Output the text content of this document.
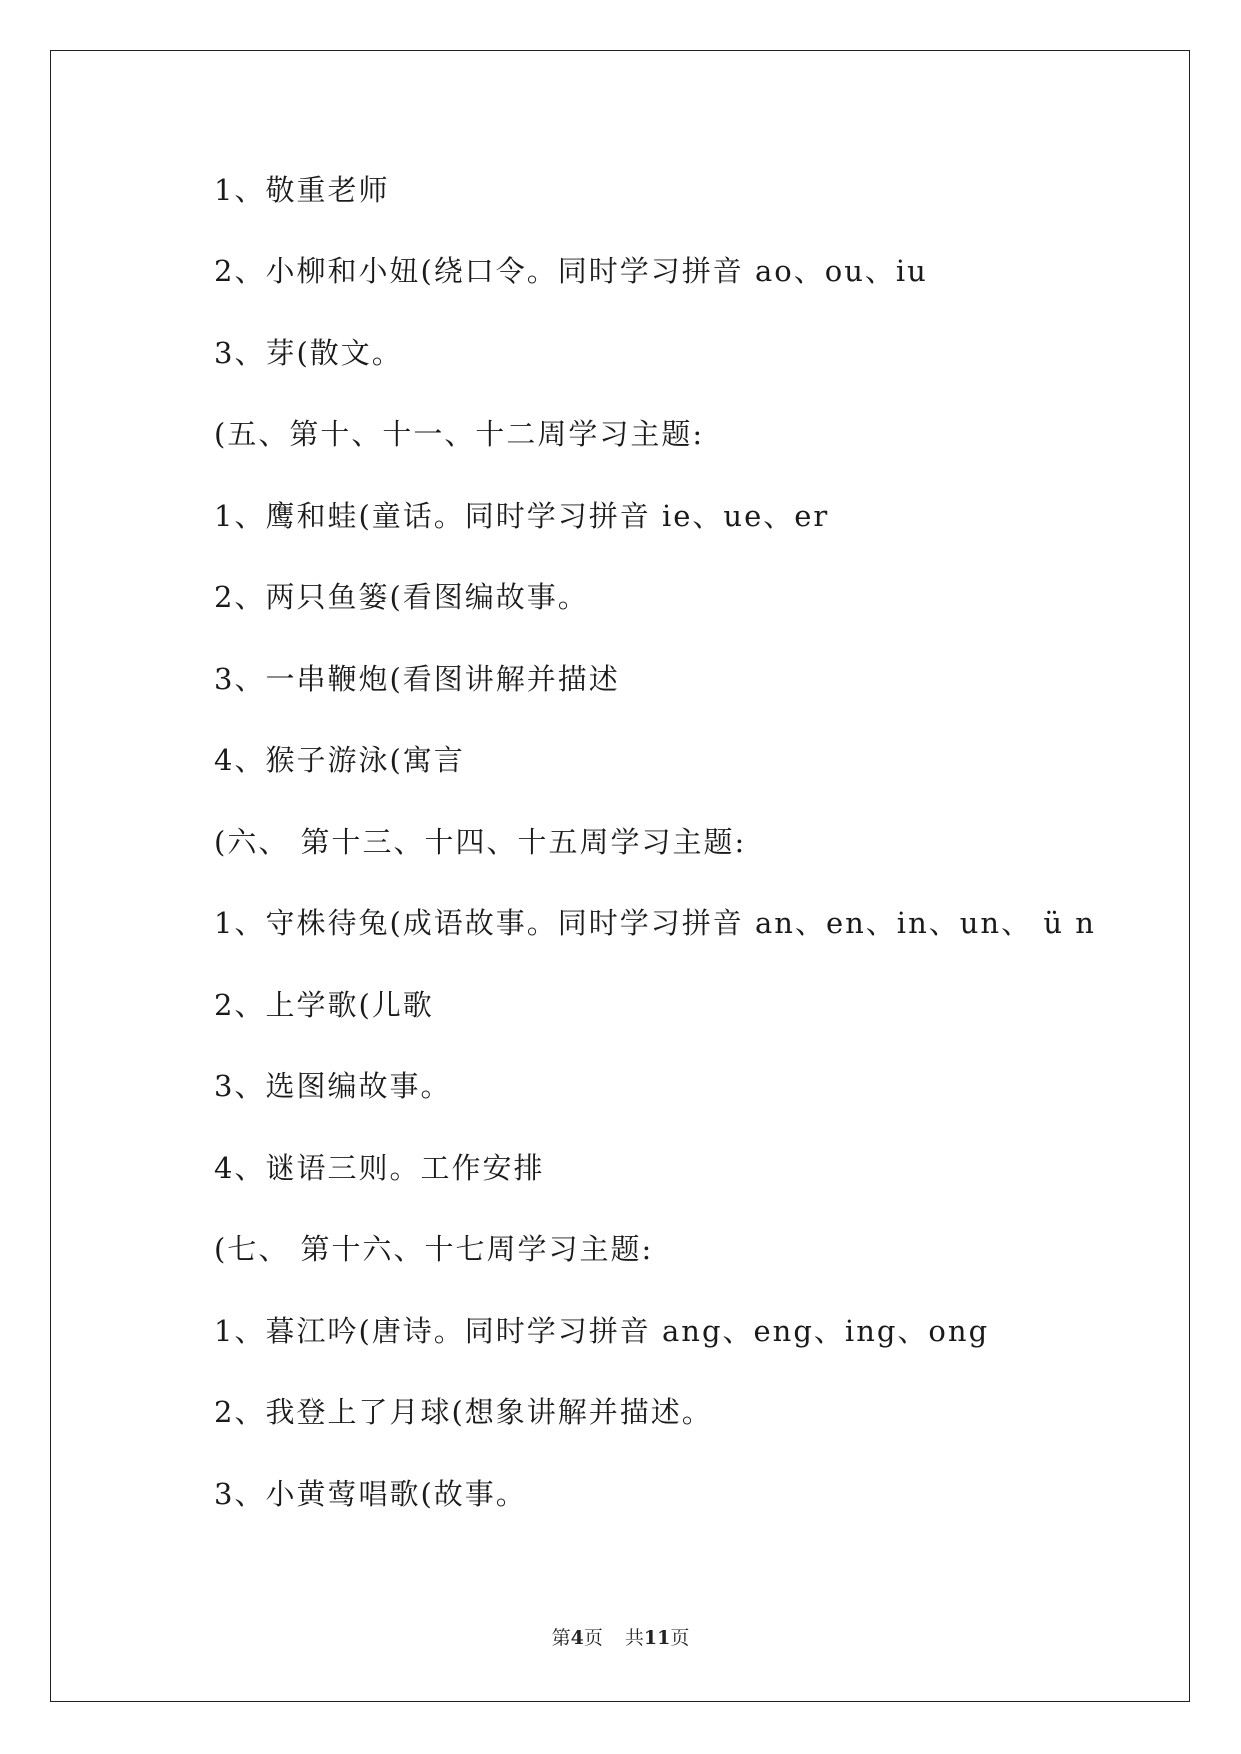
1、敬重老师
2、小柳和小妞(绕口令。同时学习拼音 ao、ou、iu
3、芽(散文。
(五、第十、十一、十二周学习主题:
1、鹰和蛙(童话。同时学习拼音 ie、ue、er
2、两只鱼篓(看图编故事。
3、一串鞭炮(看图讲解并描述
4、猴子游泳(寓言
(六、 第十三、十四、十五周学习主题:
1、守株待兔(成语故事。同时学习拼音 an、en、in、un、 ü n
2、上学歌(儿歌
3、选图编故事。
4、谜语三则。工作安排
(七、 第十六、十七周学习主题:
1、暮江吟(唐诗。同时学习拼音 ang、eng、ing、ong
2、我登上了月球(想象讲解并描述。
3、小黄莺唱歌(故事。
第4页 共11页
